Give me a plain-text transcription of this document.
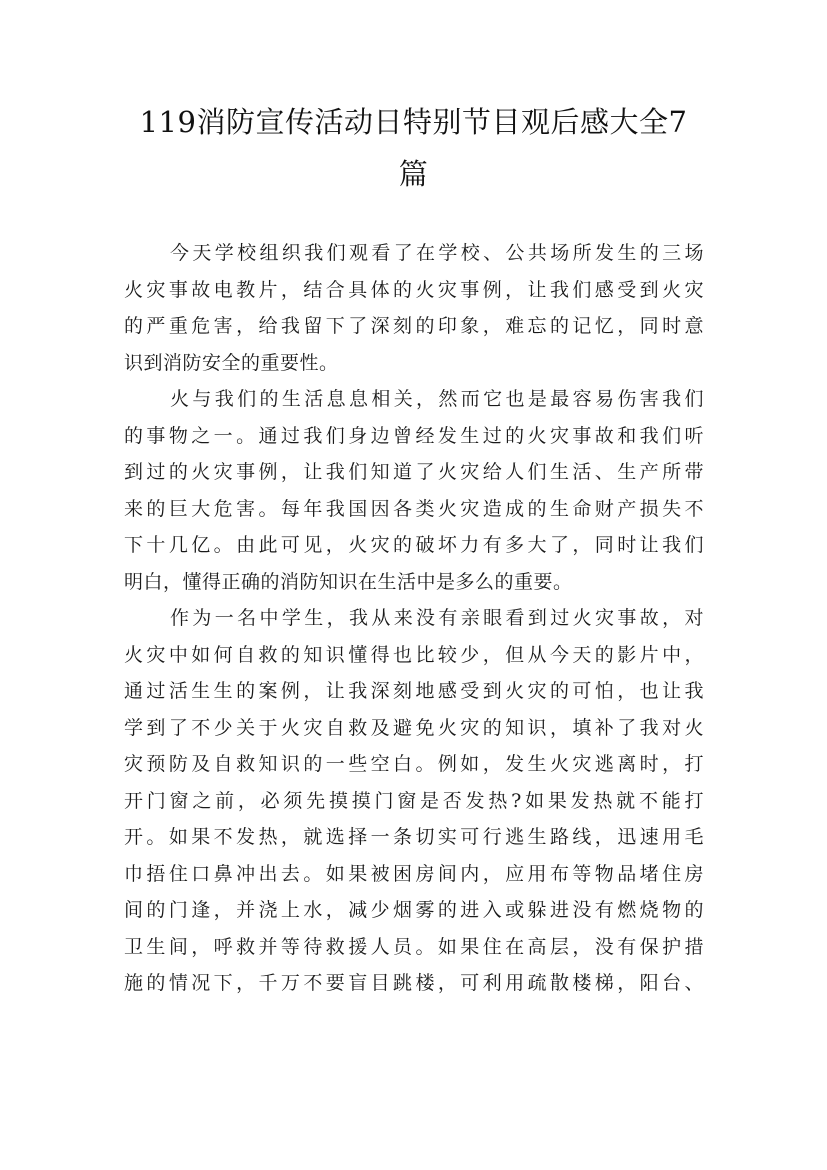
119消防宣传活动日特别节目观后感大全7
篇
今天学校组织我们观看了在学校、公共场所发生的三场
火灾事故电教片，结合具体的火灾事例，让我们感受到火灾
的严重危害，给我留下了深刻的印象，难忘的记忆，同时意
识到消防安全的重要性。
火与我们的生活息息相关，然而它也是最容易伤害我们
的事物之一。通过我们身边曾经发生过的火灾事故和我们听
到过的火灾事例，让我们知道了火灾给人们生活、生产所带
来的巨大危害。每年我国因各类火灾造成的生命财产损失不
下十几亿。由此可见，火灾的破坏力有多大了，同时让我们
明白，懂得正确的消防知识在生活中是多么的重要。
作为一名中学生，我从来没有亲眼看到过火灾事故，对
火灾中如何自救的知识懂得也比较少，但从今天的影片中，
通过活生生的案例，让我深刻地感受到火灾的可怕，也让我
学到了不少关于火灾自救及避免火灾的知识，填补了我对火
灾预防及自救知识的一些空白。例如，发生火灾逃离时，打
开门窗之前，必须先摸摸门窗是否发热?如果发热就不能打
开。如果不发热，就选择一条切实可行逃生路线，迅速用毛
巾捂住口鼻冲出去。如果被困房间内，应用布等物品堵住房
间的门逢，并浇上水，减少烟雾的进入或躲进没有燃烧物的
卫生间，呼救并等待救援人员。如果住在高层，没有保护措
施的情况下，千万不要盲目跳楼，可利用疏散楼梯，阳台、
